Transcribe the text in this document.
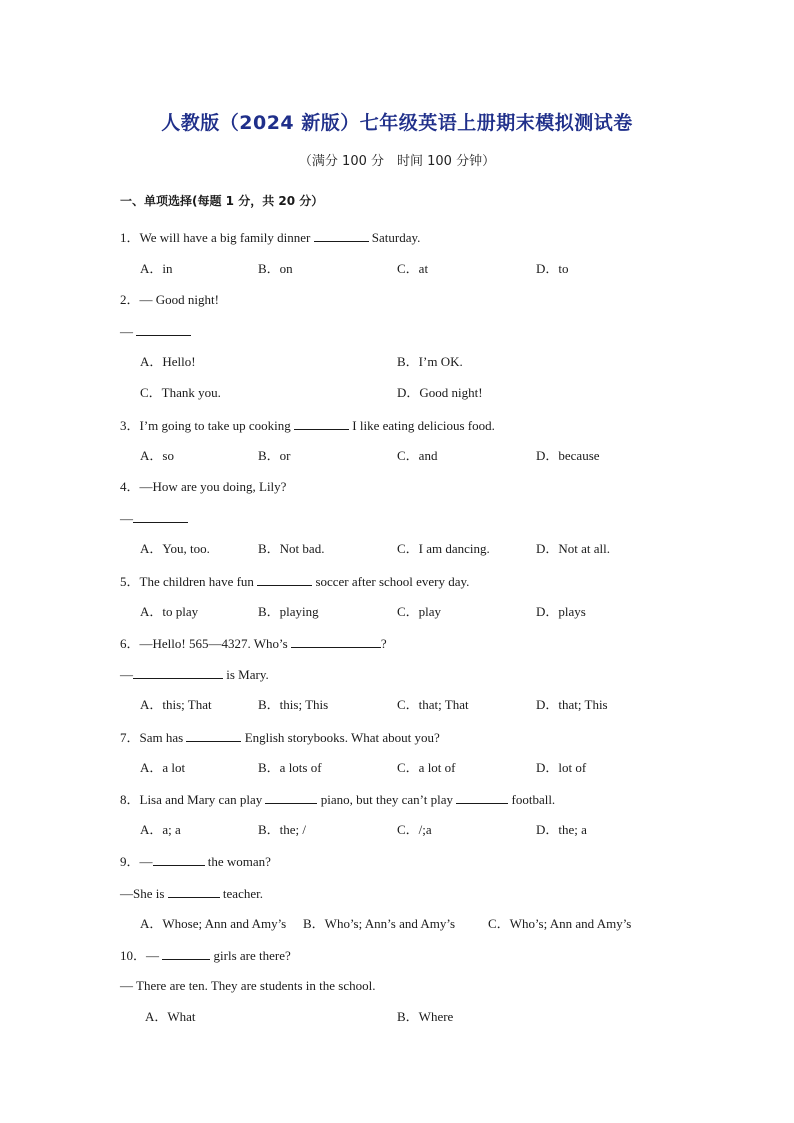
人教版（2024 新版）七年级英语上册期末模拟测试卷
（满分 100 分　时间 100 分钟）
一、单项选择(每题 1 分，共 20 分）
1．We will have a big family dinner	Saturday.
A．in	B．on	C．at	D．to
2．— Good night!
—
A．Hello!	B．I’m OK.
C．Thank you.	D．Good night!
3．I’m going to take up cooking	I like eating delicious food.
A．so	B．or	C．and	D．because
4．—How are you doing, Lily?
—
A．You, too.	B．Not bad.	C．I am dancing.	D．Not at all.
5．The children have fun	soccer after school every day.
A．to play	B．playing	C．play	D．plays
6．—Hello! 565—4327. Who’s	?
—	is Mary.
A．this; That	B．this; This	C．that; That	D．that; This
7．Sam has	English storybooks. What about you?
A．a lot	B．a lots of	C．a lot of	D．lot of
8．Lisa and Mary can play	piano, but they can’t play	football.
A．a; a	B．the; /	C．/;a	D．the; a
9．—	the woman?
—She is	teacher.
A．Whose; Ann and Amy’s B．Who’s; Ann’s and Amy’s	C．Who’s; Ann and Amy’s
10．—	girls are there?
— There are ten. They are students in the school.
A．What	B．Where
